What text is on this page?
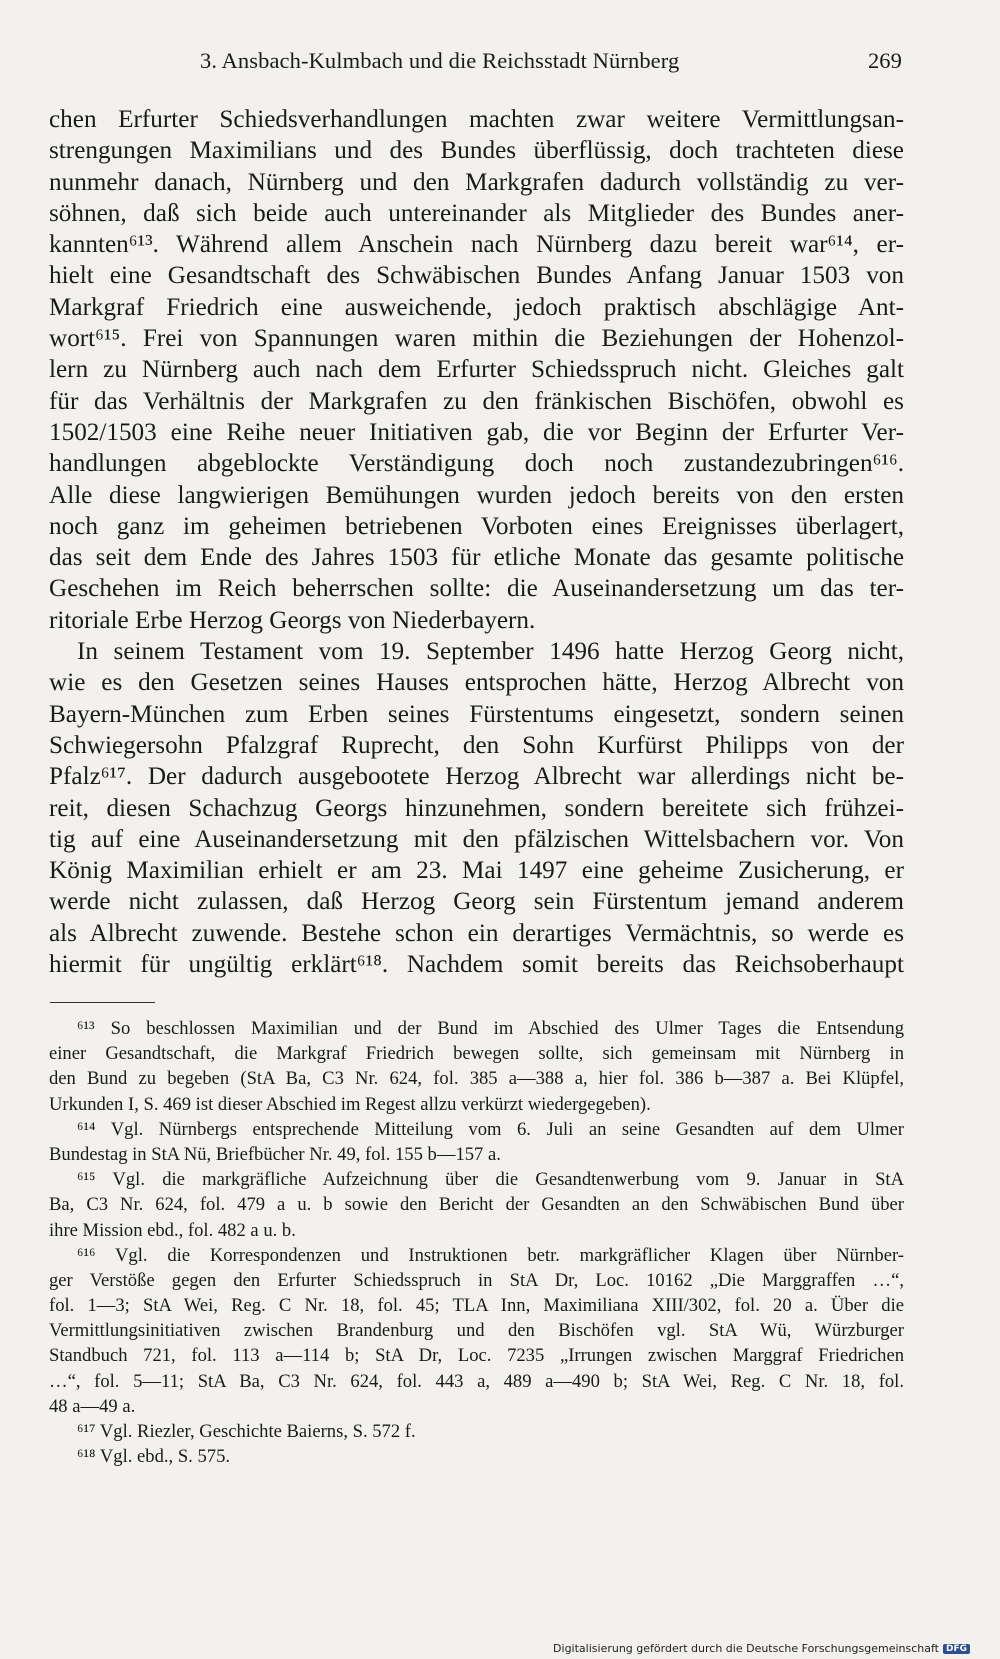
3. Ansbach-Kulmbach und die Reichsstadt Nürnberg	269
chen Erfurter Schiedsverhandlungen machten zwar weitere Vermittlungsan-
strengungen Maximilians und des Bundes überflüssig, doch trachteten diese
nunmehr danach, Nürnberg und den Markgrafen dadurch vollständig zu ver-
söhnen, daß sich beide auch untereinander als Mitglieder des Bundes aner-
kannten⁶¹³. Während allem Anschein nach Nürnberg dazu bereit war⁶¹⁴, er-
hielt eine Gesandtschaft des Schwäbischen Bundes Anfang Januar 1503 von
Markgraf Friedrich eine ausweichende, jedoch praktisch abschlägige Ant-
wort⁶¹⁵. Frei von Spannungen waren mithin die Beziehungen der Hohenzol-
lern zu Nürnberg auch nach dem Erfurter Schiedsspruch nicht. Gleiches galt
für das Verhältnis der Markgrafen zu den fränkischen Bischöfen, obwohl es
1502/1503 eine Reihe neuer Initiativen gab, die vor Beginn der Erfurter Ver-
handlungen abgeblockte Verständigung doch noch zustandezubringen⁶¹⁶.
Alle diese langwierigen Bemühungen wurden jedoch bereits von den ersten
noch ganz im geheimen betriebenen Vorboten eines Ereignisses überlagert,
das seit dem Ende des Jahres 1503 für etliche Monate das gesamte politische
Geschehen im Reich beherrschen sollte: die Auseinandersetzung um das ter-
ritoriale Erbe Herzog Georgs von Niederbayern.
In seinem Testament vom 19. September 1496 hatte Herzog Georg nicht,
wie es den Gesetzen seines Hauses entsprochen hätte, Herzog Albrecht von
Bayern-München zum Erben seines Fürstentums eingesetzt, sondern seinen
Schwiegersohn Pfalzgraf Ruprecht, den Sohn Kurfürst Philipps von der
Pfalz⁶¹⁷. Der dadurch ausgebootete Herzog Albrecht war allerdings nicht be-
reit, diesen Schachzug Georgs hinzunehmen, sondern bereitete sich frühzei-
tig auf eine Auseinandersetzung mit den pfälzischen Wittelsbachern vor. Von
König Maximilian erhielt er am 23. Mai 1497 eine geheime Zusicherung, er
werde nicht zulassen, daß Herzog Georg sein Fürstentum jemand anderem
als Albrecht zuwende. Bestehe schon ein derartiges Vermächtnis, so werde es
hiermit für ungültig erklärt⁶¹⁸. Nachdem somit bereits das Reichsoberhaupt
⁶¹³ So beschlossen Maximilian und der Bund im Abschied des Ulmer Tages die Entsendung
einer Gesandtschaft, die Markgraf Friedrich bewegen sollte, sich gemeinsam mit Nürnberg in
den Bund zu begeben (StA Ba, C3 Nr. 624, fol. 385 a—388 a, hier fol. 386 b—387 a. Bei Klüpfel,
Urkunden I, S. 469 ist dieser Abschied im Regest allzu verkürzt wiedergegeben).
⁶¹⁴ Vgl. Nürnbergs entsprechende Mitteilung vom 6. Juli an seine Gesandten auf dem Ulmer
Bundestag in StA Nü, Briefbücher Nr. 49, fol. 155 b—157 a.
⁶¹⁵ Vgl. die markgräfliche Aufzeichnung über die Gesandtenwerbung vom 9. Januar in StA
Ba, C3 Nr. 624, fol. 479 a u. b sowie den Bericht der Gesandten an den Schwäbischen Bund über
ihre Mission ebd., fol. 482 a u. b.
⁶¹⁶ Vgl. die Korrespondenzen und Instruktionen betr. markgräflicher Klagen über Nürnber-
ger Verstöße gegen den Erfurter Schiedsspruch in StA Dr, Loc. 10162 „Die Marggraffen …“,
fol. 1—3; StA Wei, Reg. C Nr. 18, fol. 45; TLA Inn, Maximiliana XIII/302, fol. 20 a. Über die
Vermittlungsinitiativen zwischen Brandenburg und den Bischöfen vgl. StA Wü, Würzburger
Standbuch 721, fol. 113 a—114 b; StA Dr, Loc. 7235 „Irrungen zwischen Marggraf Friedrichen
…“, fol. 5—11; StA Ba, C3 Nr. 624, fol. 443 a, 489 a—490 b; StA Wei, Reg. C Nr. 18, fol.
48 a—49 a.
⁶¹⁷ Vgl. Riezler, Geschichte Baierns, S. 572 f.
⁶¹⁸ Vgl. ebd., S. 575.
Digitalisierung gefördert durch die Deutsche Forschungsgemeinschaft DFG
